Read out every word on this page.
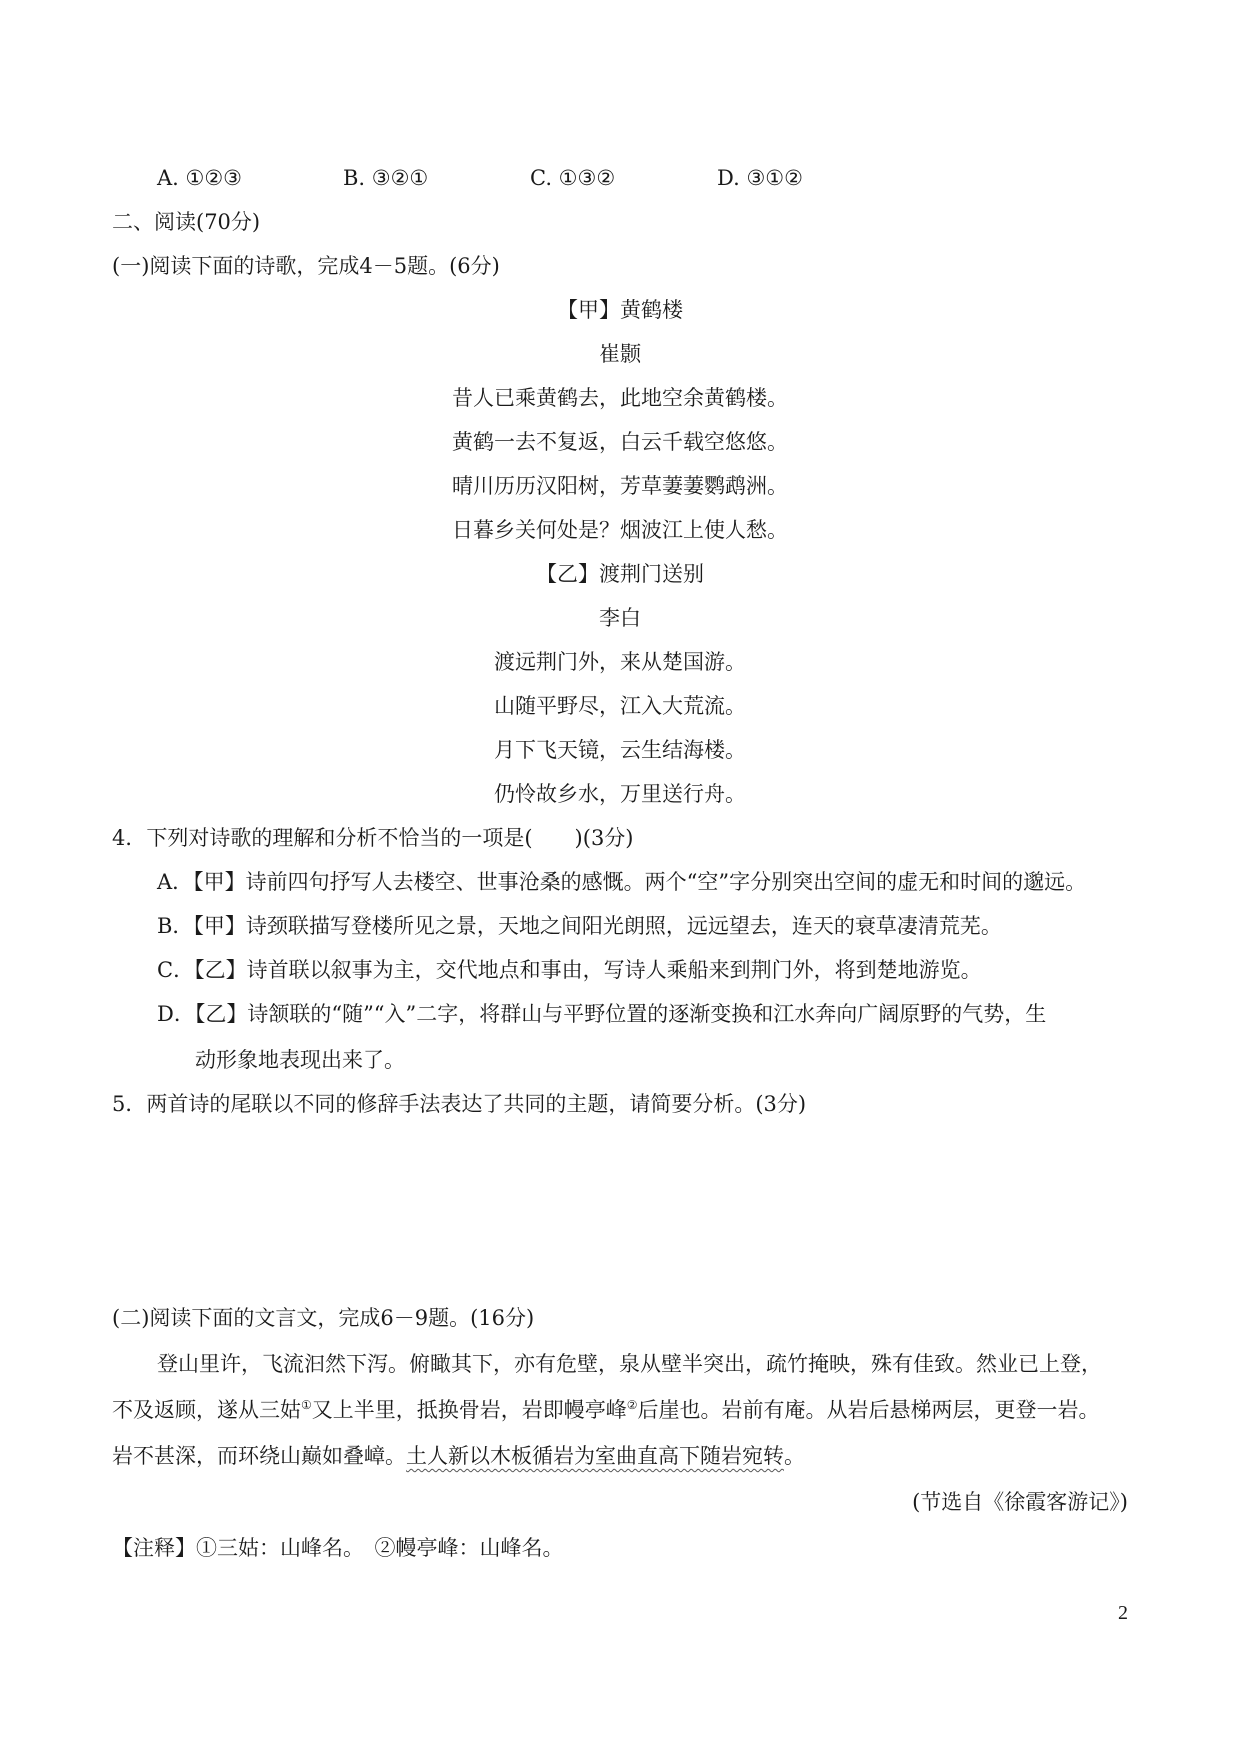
A. ①②③	B. ③②①	C. ①③②	D. ③①②
二、阅读(70分)
(一)阅读下面的诗歌，完成4－5题。(6分)
【甲】黄鹤楼
崔颢
昔人已乘黄鹤去，此地空余黄鹤楼。
黄鹤一去不复返，白云千载空悠悠。
晴川历历汉阳树，芳草萋萋鹦鹉洲。
日暮乡关何处是？烟波江上使人愁。
【乙】渡荆门送别
李白
渡远荆门外，来从楚国游。
山随平野尽，江入大荒流。
月下飞天镜，云生结海楼。
仍怜故乡水，万里送行舟。
4．下列对诗歌的理解和分析不恰当的一项是(　　)(3分)
A．【甲】诗前四句抒写人去楼空、世事沧桑的感慨。两个“空”字分别突出空间的虚无和时间的邈远。
B．【甲】诗颈联描写登楼所见之景，天地之间阳光朗照，远远望去，连天的衰草凄清荒芜。
C．【乙】诗首联以叙事为主，交代地点和事由，写诗人乘船来到荆门外，将到楚地游览。
D．【乙】诗颔联的“随”“入”二字，将群山与平野位置的逐渐变换和江水奔向广阔原野的气势，生
动形象地表现出来了。
5．两首诗的尾联以不同的修辞手法表达了共同的主题，请简要分析。(3分)
(二)阅读下面的文言文，完成6－9题。(16分)
登山里许，飞流汩然下泻。俯瞰其下，亦有危壁，泉从壁半突出，疏竹掩映，殊有佳致。然业已上登，
不及返顾，遂从三姑①又上半里，抵换骨岩，岩即幔亭峰②后崖也。岩前有庵。从岩后悬梯两层，更登一岩。
岩不甚深，而环绕山巅如叠嶂。土人新以木板循岩为室曲直高下随岩宛转。
(节选自《徐霞客游记》)
【注释】①三姑：山峰名。　②幔亭峰：山峰名。
2
